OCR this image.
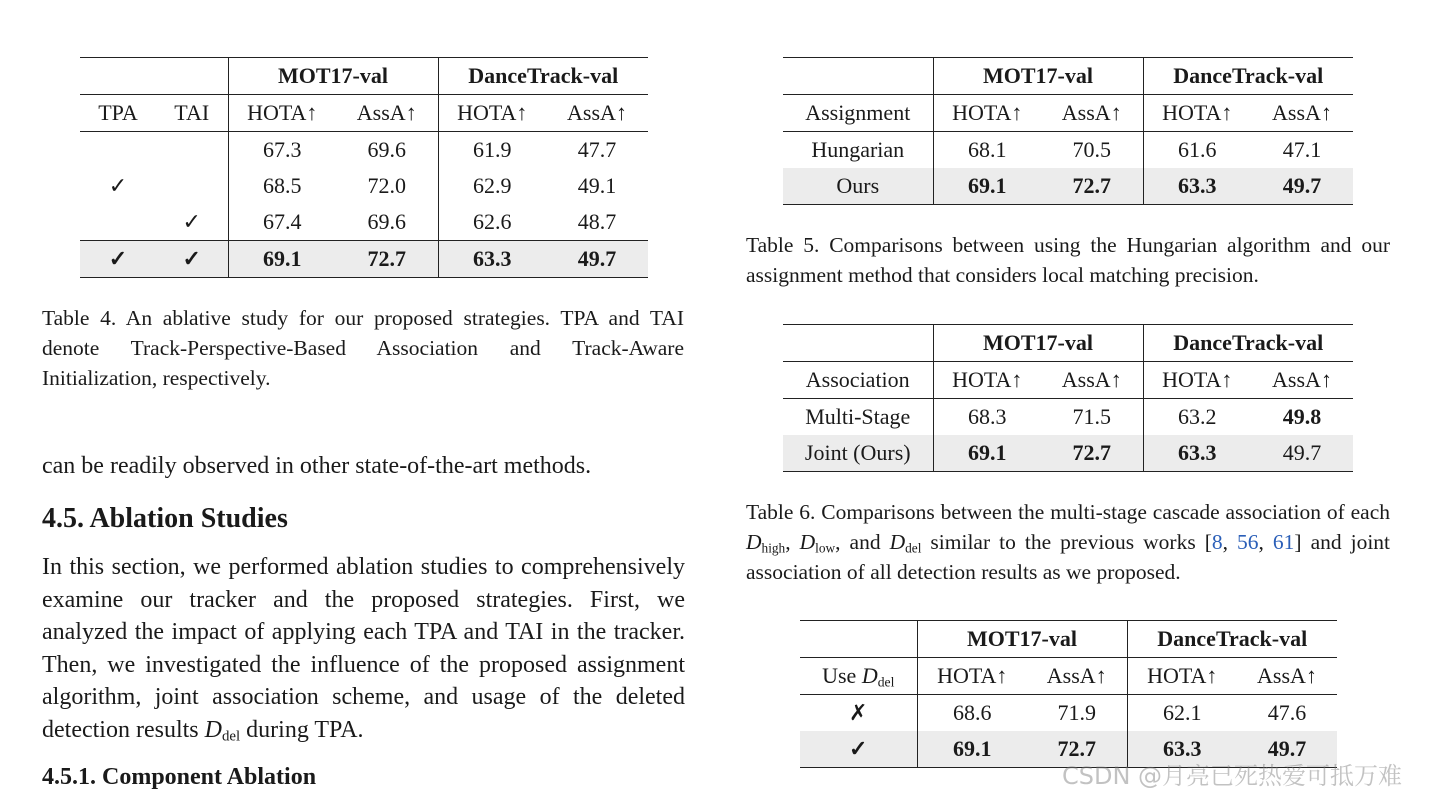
		MOT17-val		DanceTrack-val	
TPA	TAI	HOTA↑	AssA↑	HOTA↑	AssA↑
		67.3	69.6	61.9	47.7
✓		68.5	72.0	62.9	49.1
	✓	67.4	69.6	62.6	48.7
✓	✓	69.1	72.7	63.3	49.7
Table 4. An ablative study for our proposed strategies. TPA and TAI denote Track-Perspective-Based Association and Track-Aware Initialization, respectively.
can be readily observed in other state-of-the-art methods.
4.5. Ablation Studies
In this section, we performed ablation studies to comprehensively examine our tracker and the proposed strategies. First, we analyzed the impact of applying each TPA and TAI in the tracker. Then, we investigated the influence of the proposed assignment algorithm, joint association scheme, and usage of the deleted detection results $D_{del}$ during TPA.
4.5.1. Component Ablation
	MOT17-val		DanceTrack-val	
Assignment	HOTA↑	AssA↑	HOTA↑	AssA↑
Hungarian	68.1	70.5	61.6	47.1
Ours	69.1	72.7	63.3	49.7
Table 5. Comparisons between using the Hungarian algorithm and our assignment method that considers local matching precision.
	MOT17-val		DanceTrack-val	
Association	HOTA↑	AssA↑	HOTA↑	AssA↑
Multi-Stage	68.3	71.5	63.2	49.8
Joint (Ours)	69.1	72.7	63.3	49.7
Table 6. Comparisons between the multi-stage cascade association of each $D_{high}$, $D_{low}$, and $D_{del}$ similar to the previous works [8, 56, 61] and joint association of all detection results as we proposed.
	MOT17-val		DanceTrack-val	
Use $D_{del}$	HOTA↑	AssA↑	HOTA↑	AssA↑
✗	68.6	71.9	62.1	47.6
✓	69.1	72.7	63.3	49.7
CSDN @月亮已死热爱可抵万难
